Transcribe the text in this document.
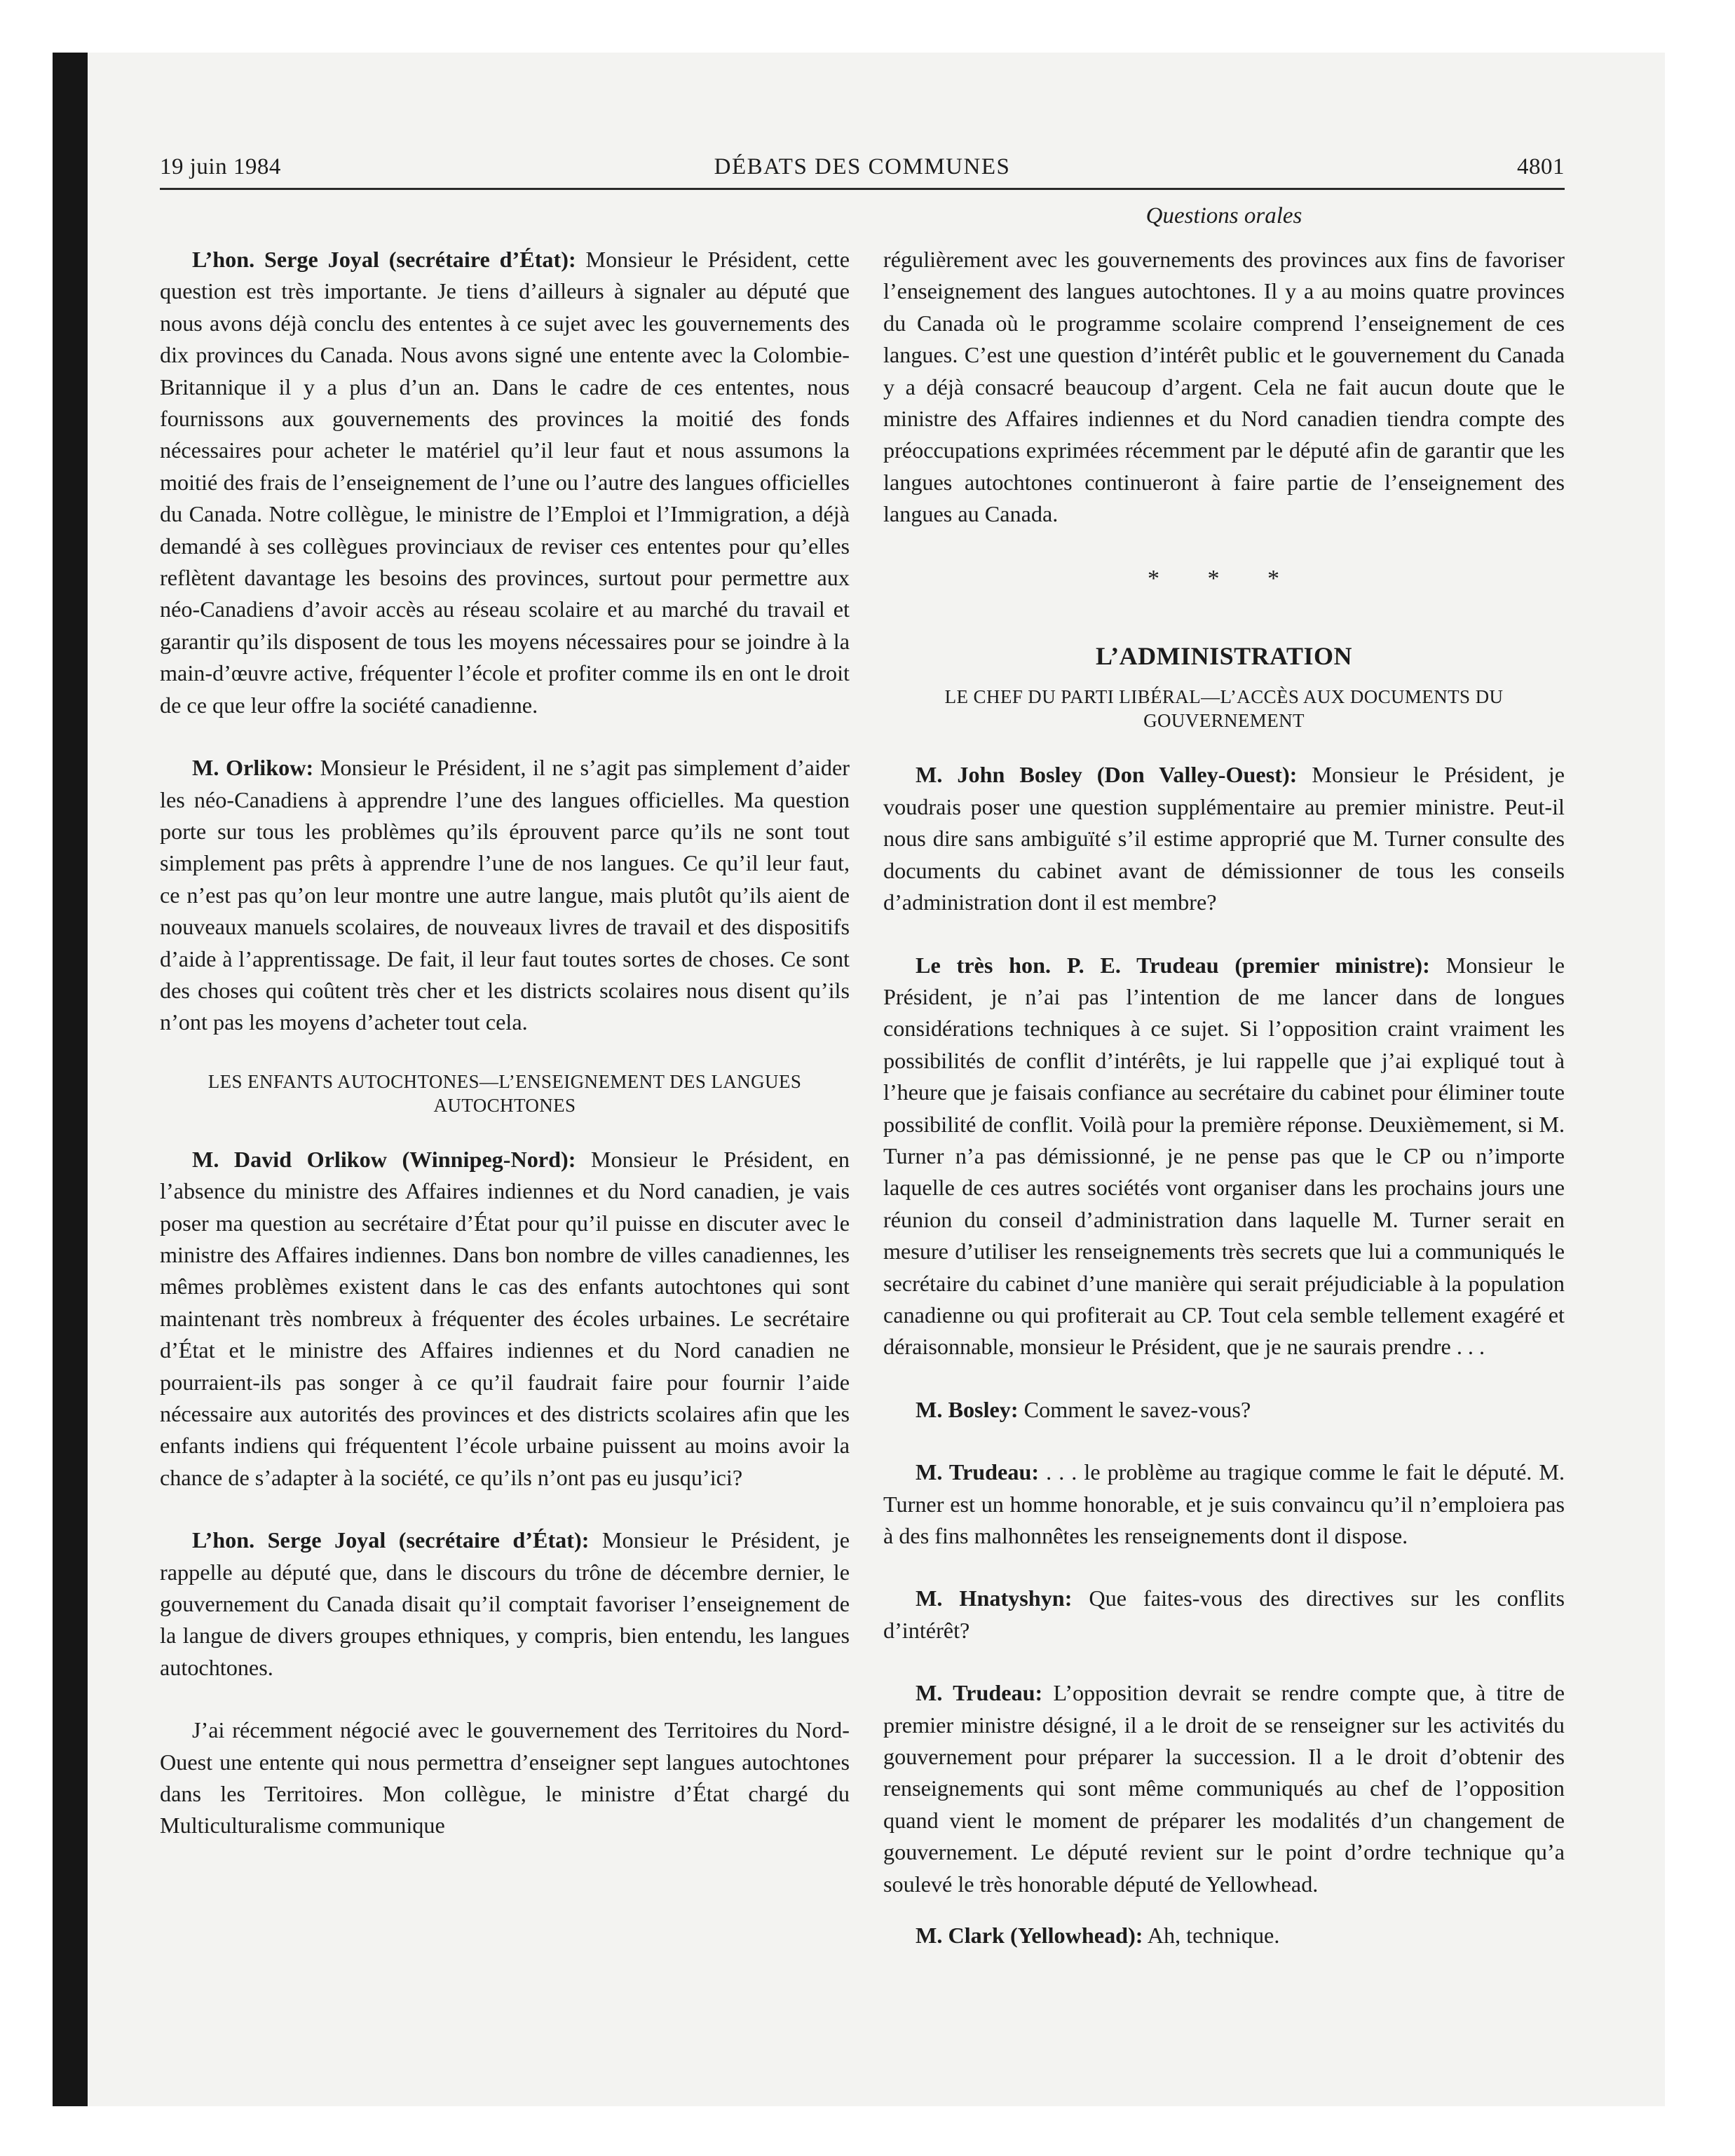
19 juin 1984	DÉBATS DES COMMUNES	4801
Questions orales

L’hon. Serge Joyal (secrétaire d’État): Monsieur le Président, cette question est très importante. Je tiens d’ailleurs à signaler au député que nous avons déjà conclu des ententes à ce sujet avec les gouvernements des dix provinces du Canada. Nous avons signé une entente avec la Colombie-Britannique il y a plus d’un an. Dans le cadre de ces ententes, nous fournissons aux gouvernements des provinces la moitié des fonds nécessaires pour acheter le matériel qu’il leur faut et nous assumons la moitié des frais de l’enseignement de l’une ou l’autre des langues officielles du Canada. Notre collègue, le ministre de l’Emploi et l’Immigration, a déjà demandé à ses collègues provinciaux de reviser ces ententes pour qu’elles reflètent davantage les besoins des provinces, surtout pour permettre aux néo-Canadiens d’avoir accès au réseau scolaire et au marché du travail et garantir qu’ils disposent de tous les moyens nécessaires pour se joindre à la main-d’œuvre active, fréquenter l’école et profiter comme ils en ont le droit de ce que leur offre la société canadienne.

M. Orlikow: Monsieur le Président, il ne s’agit pas simplement d’aider les néo-Canadiens à apprendre l’une des langues officielles. Ma question porte sur tous les problèmes qu’ils éprouvent parce qu’ils ne sont tout simplement pas prêts à apprendre l’une de nos langues. Ce qu’il leur faut, ce n’est pas qu’on leur montre une autre langue, mais plutôt qu’ils aient de nouveaux manuels scolaires, de nouveaux livres de travail et des dispositifs d’aide à l’apprentissage. De fait, il leur faut toutes sortes de choses. Ce sont des choses qui coûtent très cher et les districts scolaires nous disent qu’ils n’ont pas les moyens d’acheter tout cela.

LES ENFANTS AUTOCHTONES—L’ENSEIGNEMENT DES LANGUES AUTOCHTONES

M. David Orlikow (Winnipeg-Nord): Monsieur le Président, en l’absence du ministre des Affaires indiennes et du Nord canadien, je vais poser ma question au secrétaire d’État pour qu’il puisse en discuter avec le ministre des Affaires indiennes. Dans bon nombre de villes canadiennes, les mêmes problèmes existent dans le cas des enfants autochtones qui sont maintenant très nombreux à fréquenter des écoles urbaines. Le secrétaire d’État et le ministre des Affaires indiennes et du Nord canadien ne pourraient-ils pas songer à ce qu’il faudrait faire pour fournir l’aide nécessaire aux autorités des provinces et des districts scolaires afin que les enfants indiens qui fréquentent l’école urbaine puissent au moins avoir la chance de s’adapter à la société, ce qu’ils n’ont pas eu jusqu’ici?

L’hon. Serge Joyal (secrétaire d’État): Monsieur le Président, je rappelle au député que, dans le discours du trône de décembre dernier, le gouvernement du Canada disait qu’il comptait favoriser l’enseignement de la langue de divers groupes ethniques, y compris, bien entendu, les langues autochtones.

J’ai récemment négocié avec le gouvernement des Territoires du Nord-Ouest une entente qui nous permettra d’enseigner sept langues autochtones dans les Territoires. Mon collègue, le ministre d’État chargé du Multiculturalisme communique

régulièrement avec les gouvernements des provinces aux fins de favoriser l’enseignement des langues autochtones. Il y a au moins quatre provinces du Canada où le programme scolaire comprend l’enseignement de ces langues. C’est une question d’intérêt public et le gouvernement du Canada y a déjà consacré beaucoup d’argent. Cela ne fait aucun doute que le ministre des Affaires indiennes et du Nord canadien tiendra compte des préoccupations exprimées récemment par le député afin de garantir que les langues autochtones continueront à faire partie de l’enseignement des langues au Canada.

* * *
L’ADMINISTRATION
LE CHEF DU PARTI LIBÉRAL—L’ACCÈS AUX DOCUMENTS DU GOUVERNEMENT

M. John Bosley (Don Valley-Ouest): Monsieur le Président, je voudrais poser une question supplémentaire au premier ministre. Peut-il nous dire sans ambiguïté s’il estime approprié que M. Turner consulte des documents du cabinet avant de démissionner de tous les conseils d’administration dont il est membre?

Le très hon. P. E. Trudeau (premier ministre): Monsieur le Président, je n’ai pas l’intention de me lancer dans de longues considérations techniques à ce sujet. Si l’opposition craint vraiment les possibilités de conflit d’intérêts, je lui rappelle que j’ai expliqué tout à l’heure que je faisais confiance au secrétaire du cabinet pour éliminer toute possibilité de conflit. Voilà pour la première réponse. Deuxièmement, si M. Turner n’a pas démissionné, je ne pense pas que le CP ou n’importe laquelle de ces autres sociétés vont organiser dans les prochains jours une réunion du conseil d’administration dans laquelle M. Turner serait en mesure d’utiliser les renseignements très secrets que lui a communiqués le secrétaire du cabinet d’une manière qui serait préjudiciable à la population canadienne ou qui profiterait au CP. Tout cela semble tellement exagéré et déraisonnable, monsieur le Président, que je ne saurais prendre . . .

M. Bosley: Comment le savez-vous?

M. Trudeau: . . . le problème au tragique comme le fait le député. M. Turner est un homme honorable, et je suis convaincu qu’il n’emploiera pas à des fins malhonnêtes les renseignements dont il dispose.

M. Hnatyshyn: Que faites-vous des directives sur les conflits d’intérêt?

M. Trudeau: L’opposition devrait se rendre compte que, à titre de premier ministre désigné, il a le droit de se renseigner sur les activités du gouvernement pour préparer la succession. Il a le droit d’obtenir des renseignements qui sont même communiqués au chef de l’opposition quand vient le moment de préparer les modalités d’un changement de gouvernement. Le député revient sur le point d’ordre technique qu’a soulevé le très honorable député de Yellowhead.

M. Clark (Yellowhead): Ah, technique.
